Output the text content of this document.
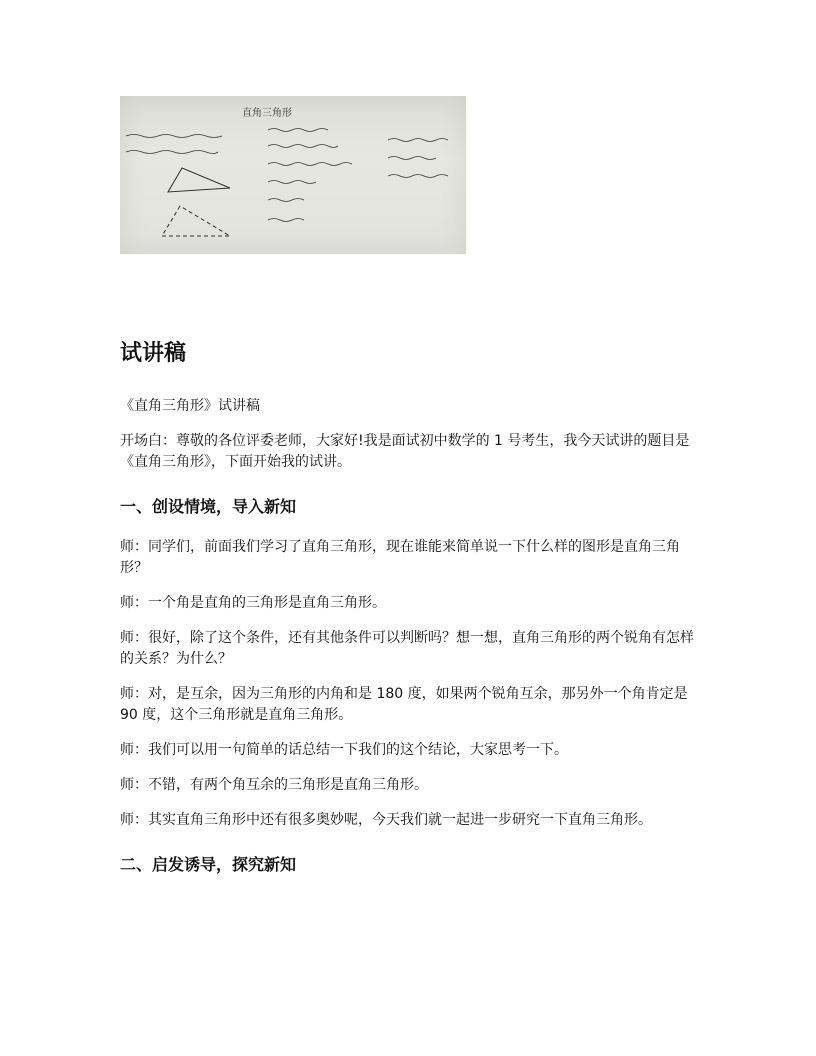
直角三角形
试讲稿

《直角三角形》试讲稿

开场白：尊敬的各位评委老师，大家好!我是面试初中数学的 1 号考生，我今天试讲的题目是《直角三角形》，下面开始我的试讲。

一、创设情境，导入新知

师：同学们，前面我们学习了直角三角形，现在谁能来简单说一下什么样的图形是直角三角形？

师：一个角是直角的三角形是直角三角形。

师：很好，除了这个条件，还有其他条件可以判断吗？想一想，直角三角形的两个锐角有怎样的关系？为什么？

师：对，是互余，因为三角形的内角和是 180 度，如果两个锐角互余，那另外一个角肯定是 90 度，这个三角形就是直角三角形。

师：我们可以用一句简单的话总结一下我们的这个结论，大家思考一下。

师：不错，有两个角互余的三角形是直角三角形。

师：其实直角三角形中还有很多奥妙呢，今天我们就一起进一步研究一下直角三角形。

二、启发诱导，探究新知
